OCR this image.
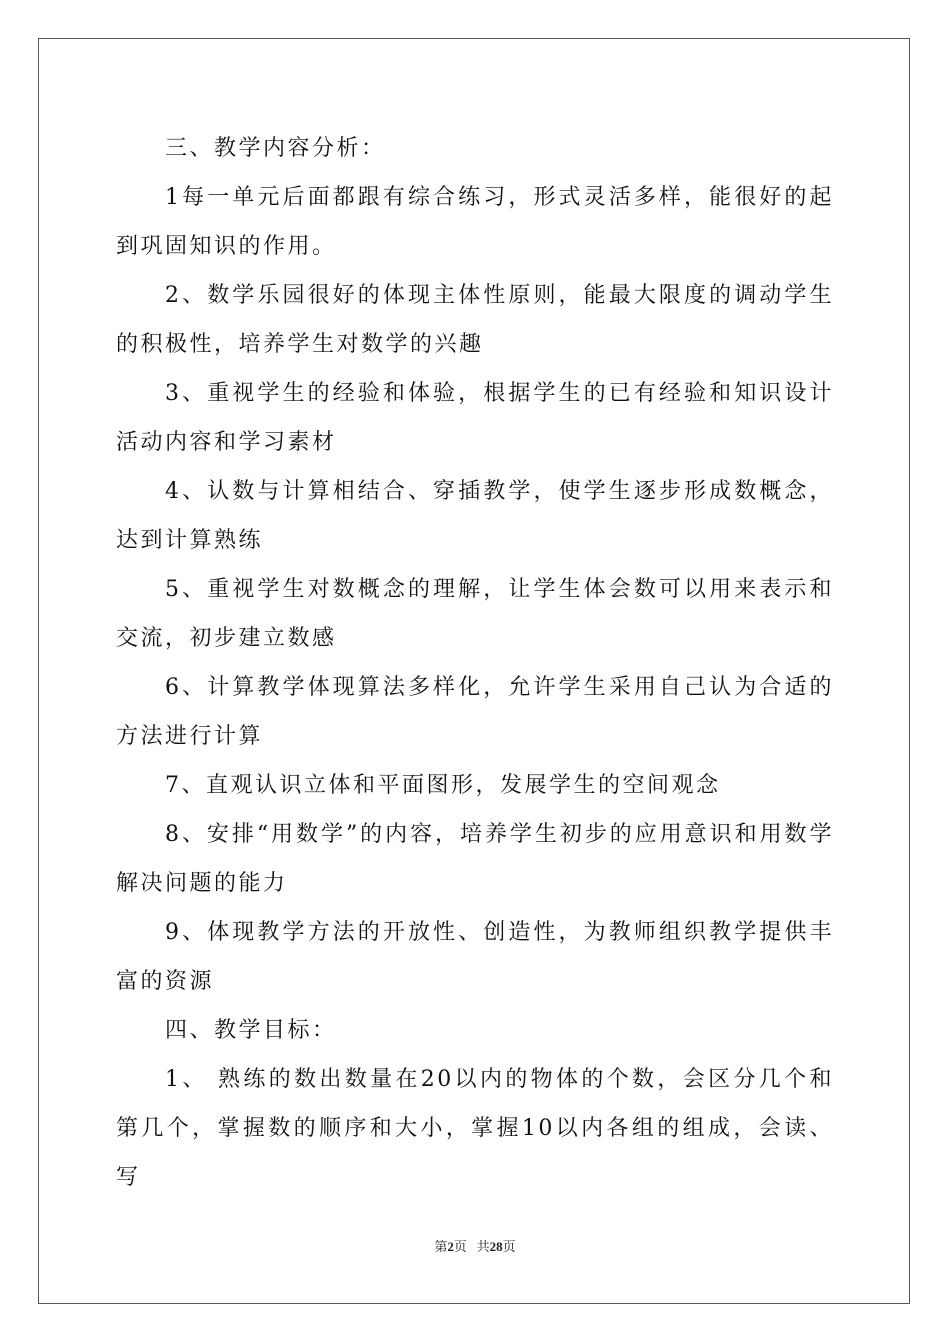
三、教学内容分析：

1每一单元后面都跟有综合练习，形式灵活多样，能很好的起到巩固知识的作用。

2、数学乐园很好的体现主体性原则，能最大限度的调动学生的积极性，培养学生对数学的兴趣

3、重视学生的经验和体验，根据学生的已有经验和知识设计活动内容和学习素材

4、认数与计算相结合、穿插教学，使学生逐步形成数概念，达到计算熟练

5、重视学生对数概念的理解，让学生体会数可以用来表示和交流，初步建立数感

6、计算教学体现算法多样化，允许学生采用自己认为合适的方法进行计算

7、直观认识立体和平面图形，发展学生的空间观念

8、安排“用数学”的内容，培养学生初步的应用意识和用数学解决问题的能力

9、体现教学方法的开放性、创造性，为教师组织教学提供丰富的资源

四、教学目标：

1、 熟练的数出数量在20以内的物体的个数，会区分几个和第几个，掌握数的顺序和大小，掌握10以内各组的组成，会读、写

第2页 共28页
